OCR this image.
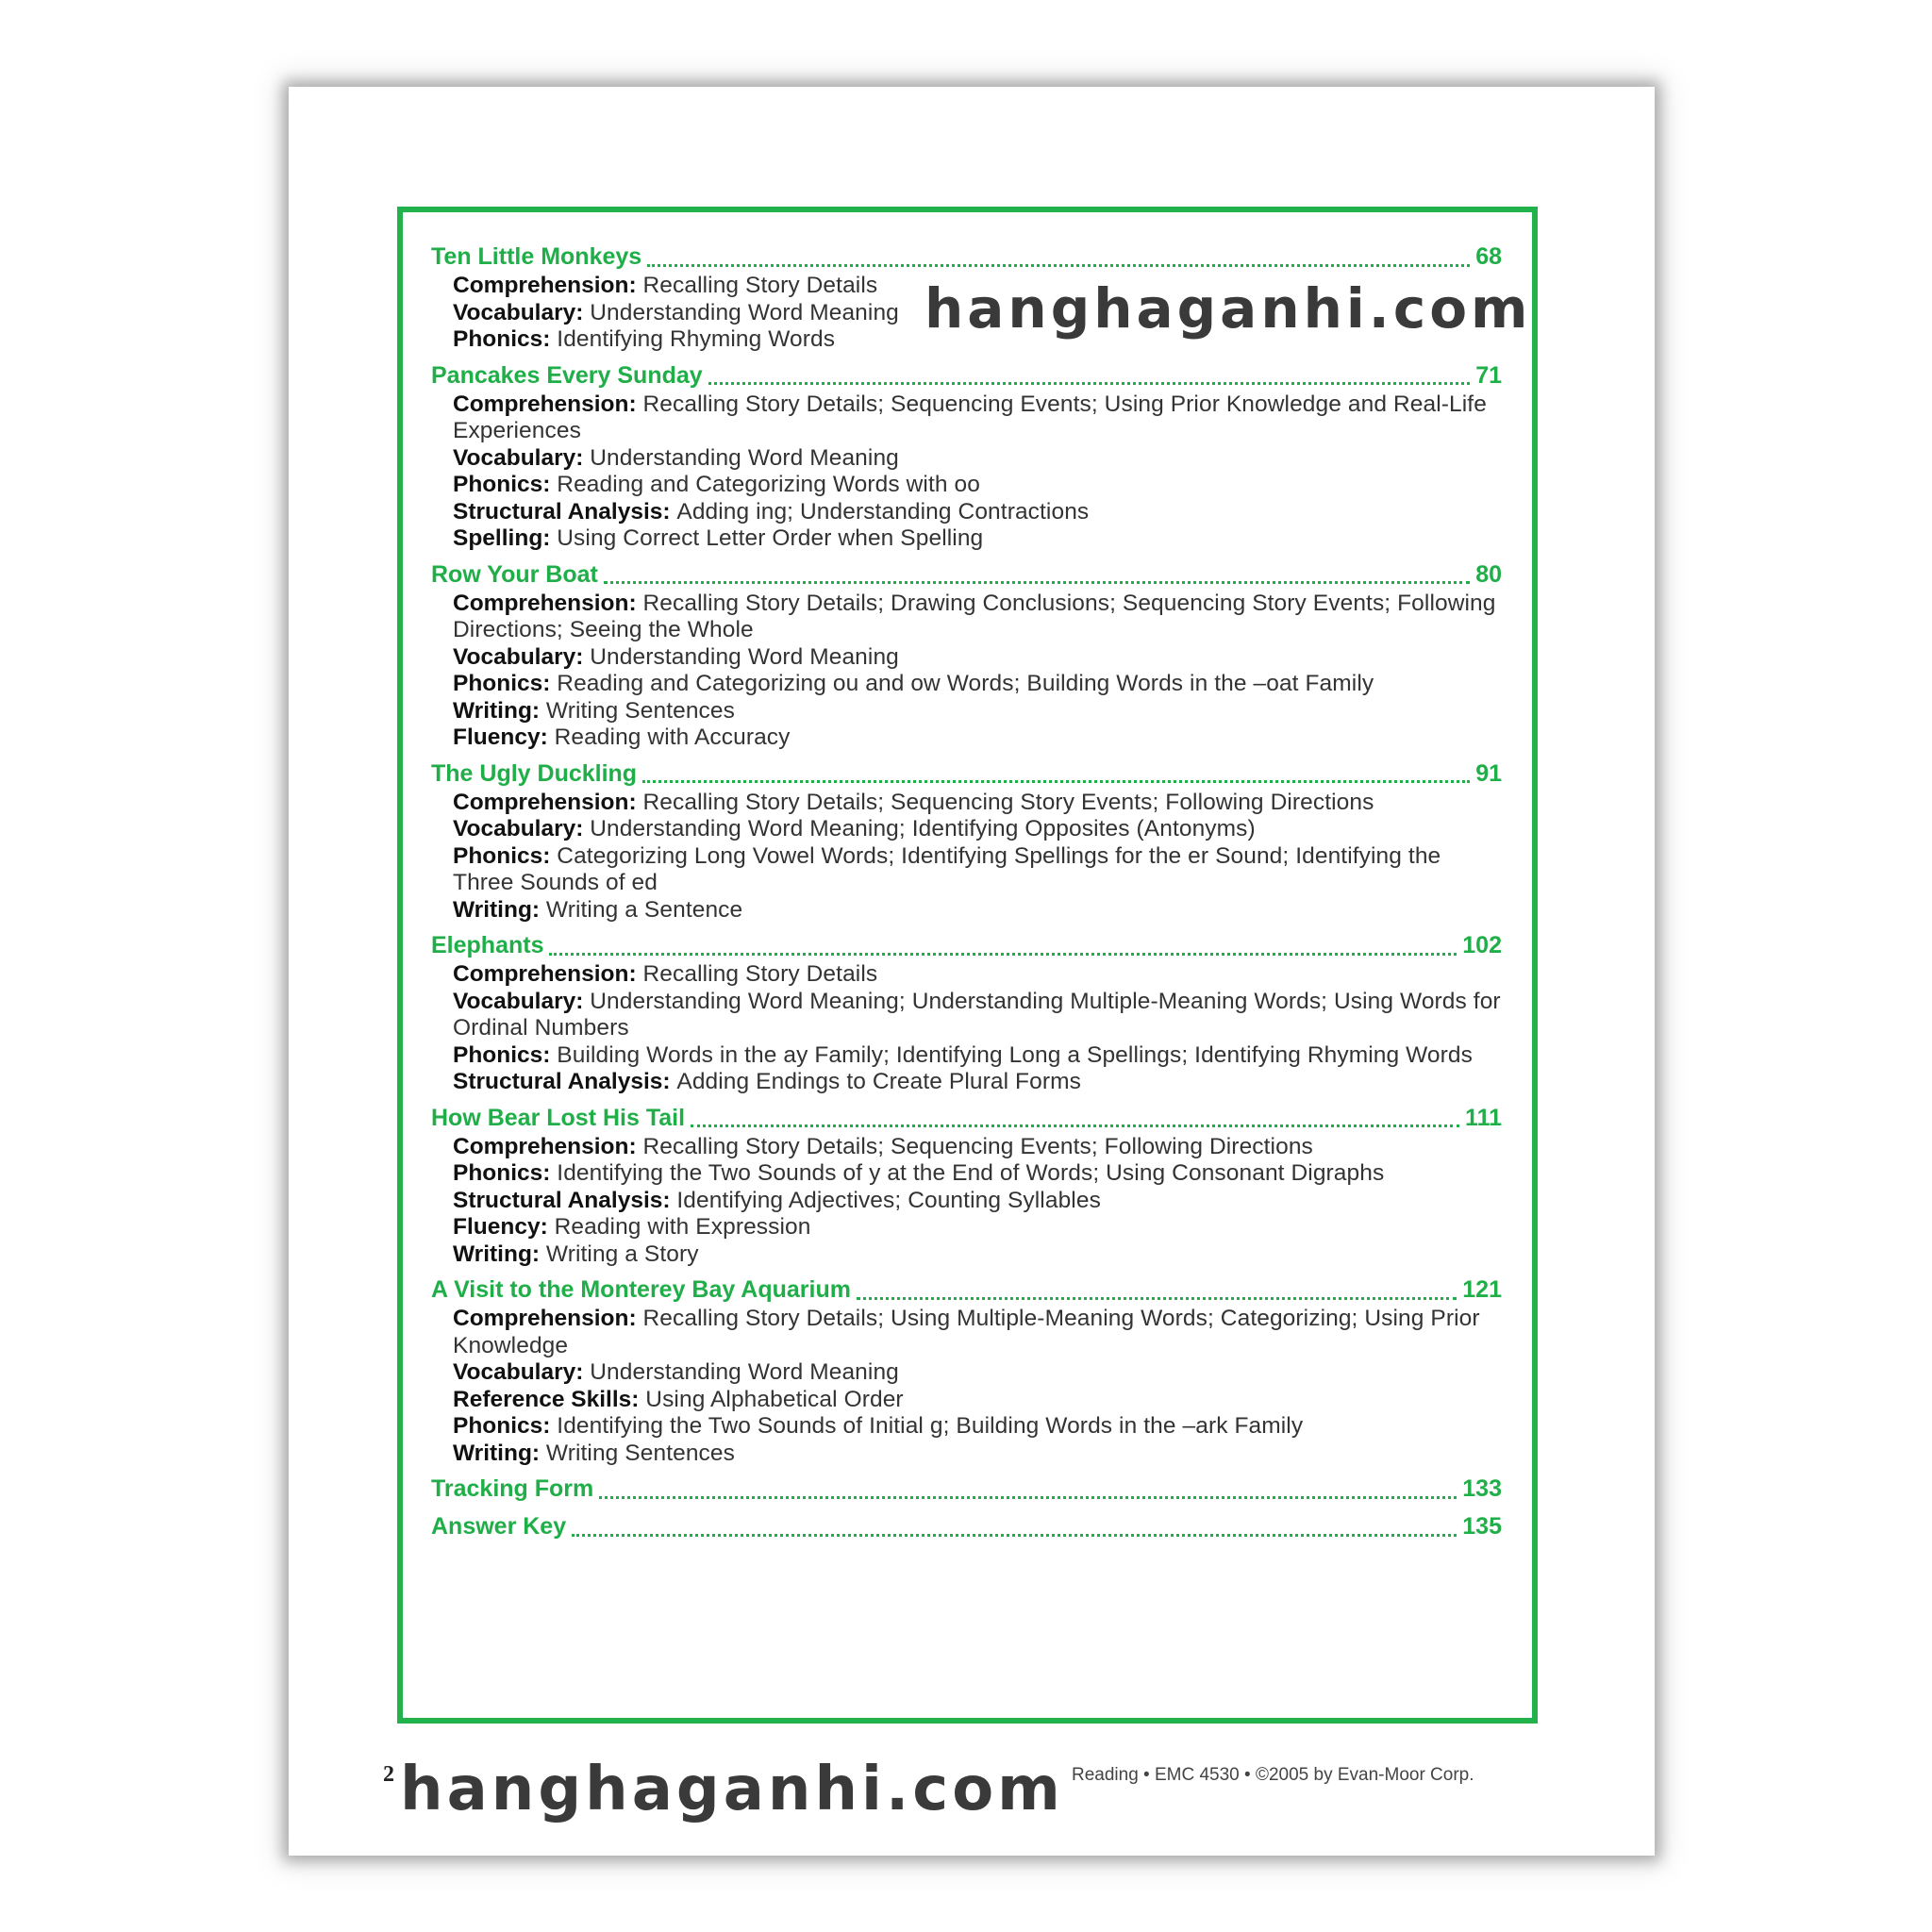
Ten Little Monkeys	68
Comprehension: Recalling Story Details
Vocabulary: Understanding Word Meaning
Phonics: Identifying Rhyming Words
Pancakes Every Sunday	71
Comprehension: Recalling Story Details; Sequencing Events; Using Prior Knowledge and Real-Life Experiences
Vocabulary: Understanding Word Meaning
Phonics: Reading and Categorizing Words with oo
Structural Analysis: Adding ing; Understanding Contractions
Spelling: Using Correct Letter Order when Spelling
Row Your Boat	80
Comprehension: Recalling Story Details; Drawing Conclusions; Sequencing Story Events; Following Directions; Seeing the Whole
Vocabulary: Understanding Word Meaning
Phonics: Reading and Categorizing ou and ow Words; Building Words in the –oat Family
Writing: Writing Sentences
Fluency: Reading with Accuracy
The Ugly Duckling	91
Comprehension: Recalling Story Details; Sequencing Story Events; Following Directions
Vocabulary: Understanding Word Meaning; Identifying Opposites (Antonyms)
Phonics: Categorizing Long Vowel Words; Identifying Spellings for the er Sound; Identifying the Three Sounds of ed
Writing: Writing a Sentence
Elephants	102
Comprehension: Recalling Story Details
Vocabulary: Understanding Word Meaning; Understanding Multiple-Meaning Words; Using Words for Ordinal Numbers
Phonics: Building Words in the ay Family; Identifying Long a Spellings; Identifying Rhyming Words
Structural Analysis: Adding Endings to Create Plural Forms
How Bear Lost His Tail	111
Comprehension: Recalling Story Details; Sequencing Events; Following Directions
Phonics: Identifying the Two Sounds of y at the End of Words; Using Consonant Digraphs
Structural Analysis: Identifying Adjectives; Counting Syllables
Fluency: Reading with Expression
Writing: Writing a Story
A Visit to the Monterey Bay Aquarium	121
Comprehension: Recalling Story Details; Using Multiple-Meaning Words; Categorizing; Using Prior Knowledge
Vocabulary: Understanding Word Meaning
Reference Skills: Using Alphabetical Order
Phonics: Identifying the Two Sounds of Initial g; Building Words in the –ark Family
Writing: Writing Sentences
Tracking Form	133
Answer Key	135
hanghaganhi.com
2 hanghaganhi.com Reading • EMC 4530 • ©2005 by Evan-Moor Corp.
